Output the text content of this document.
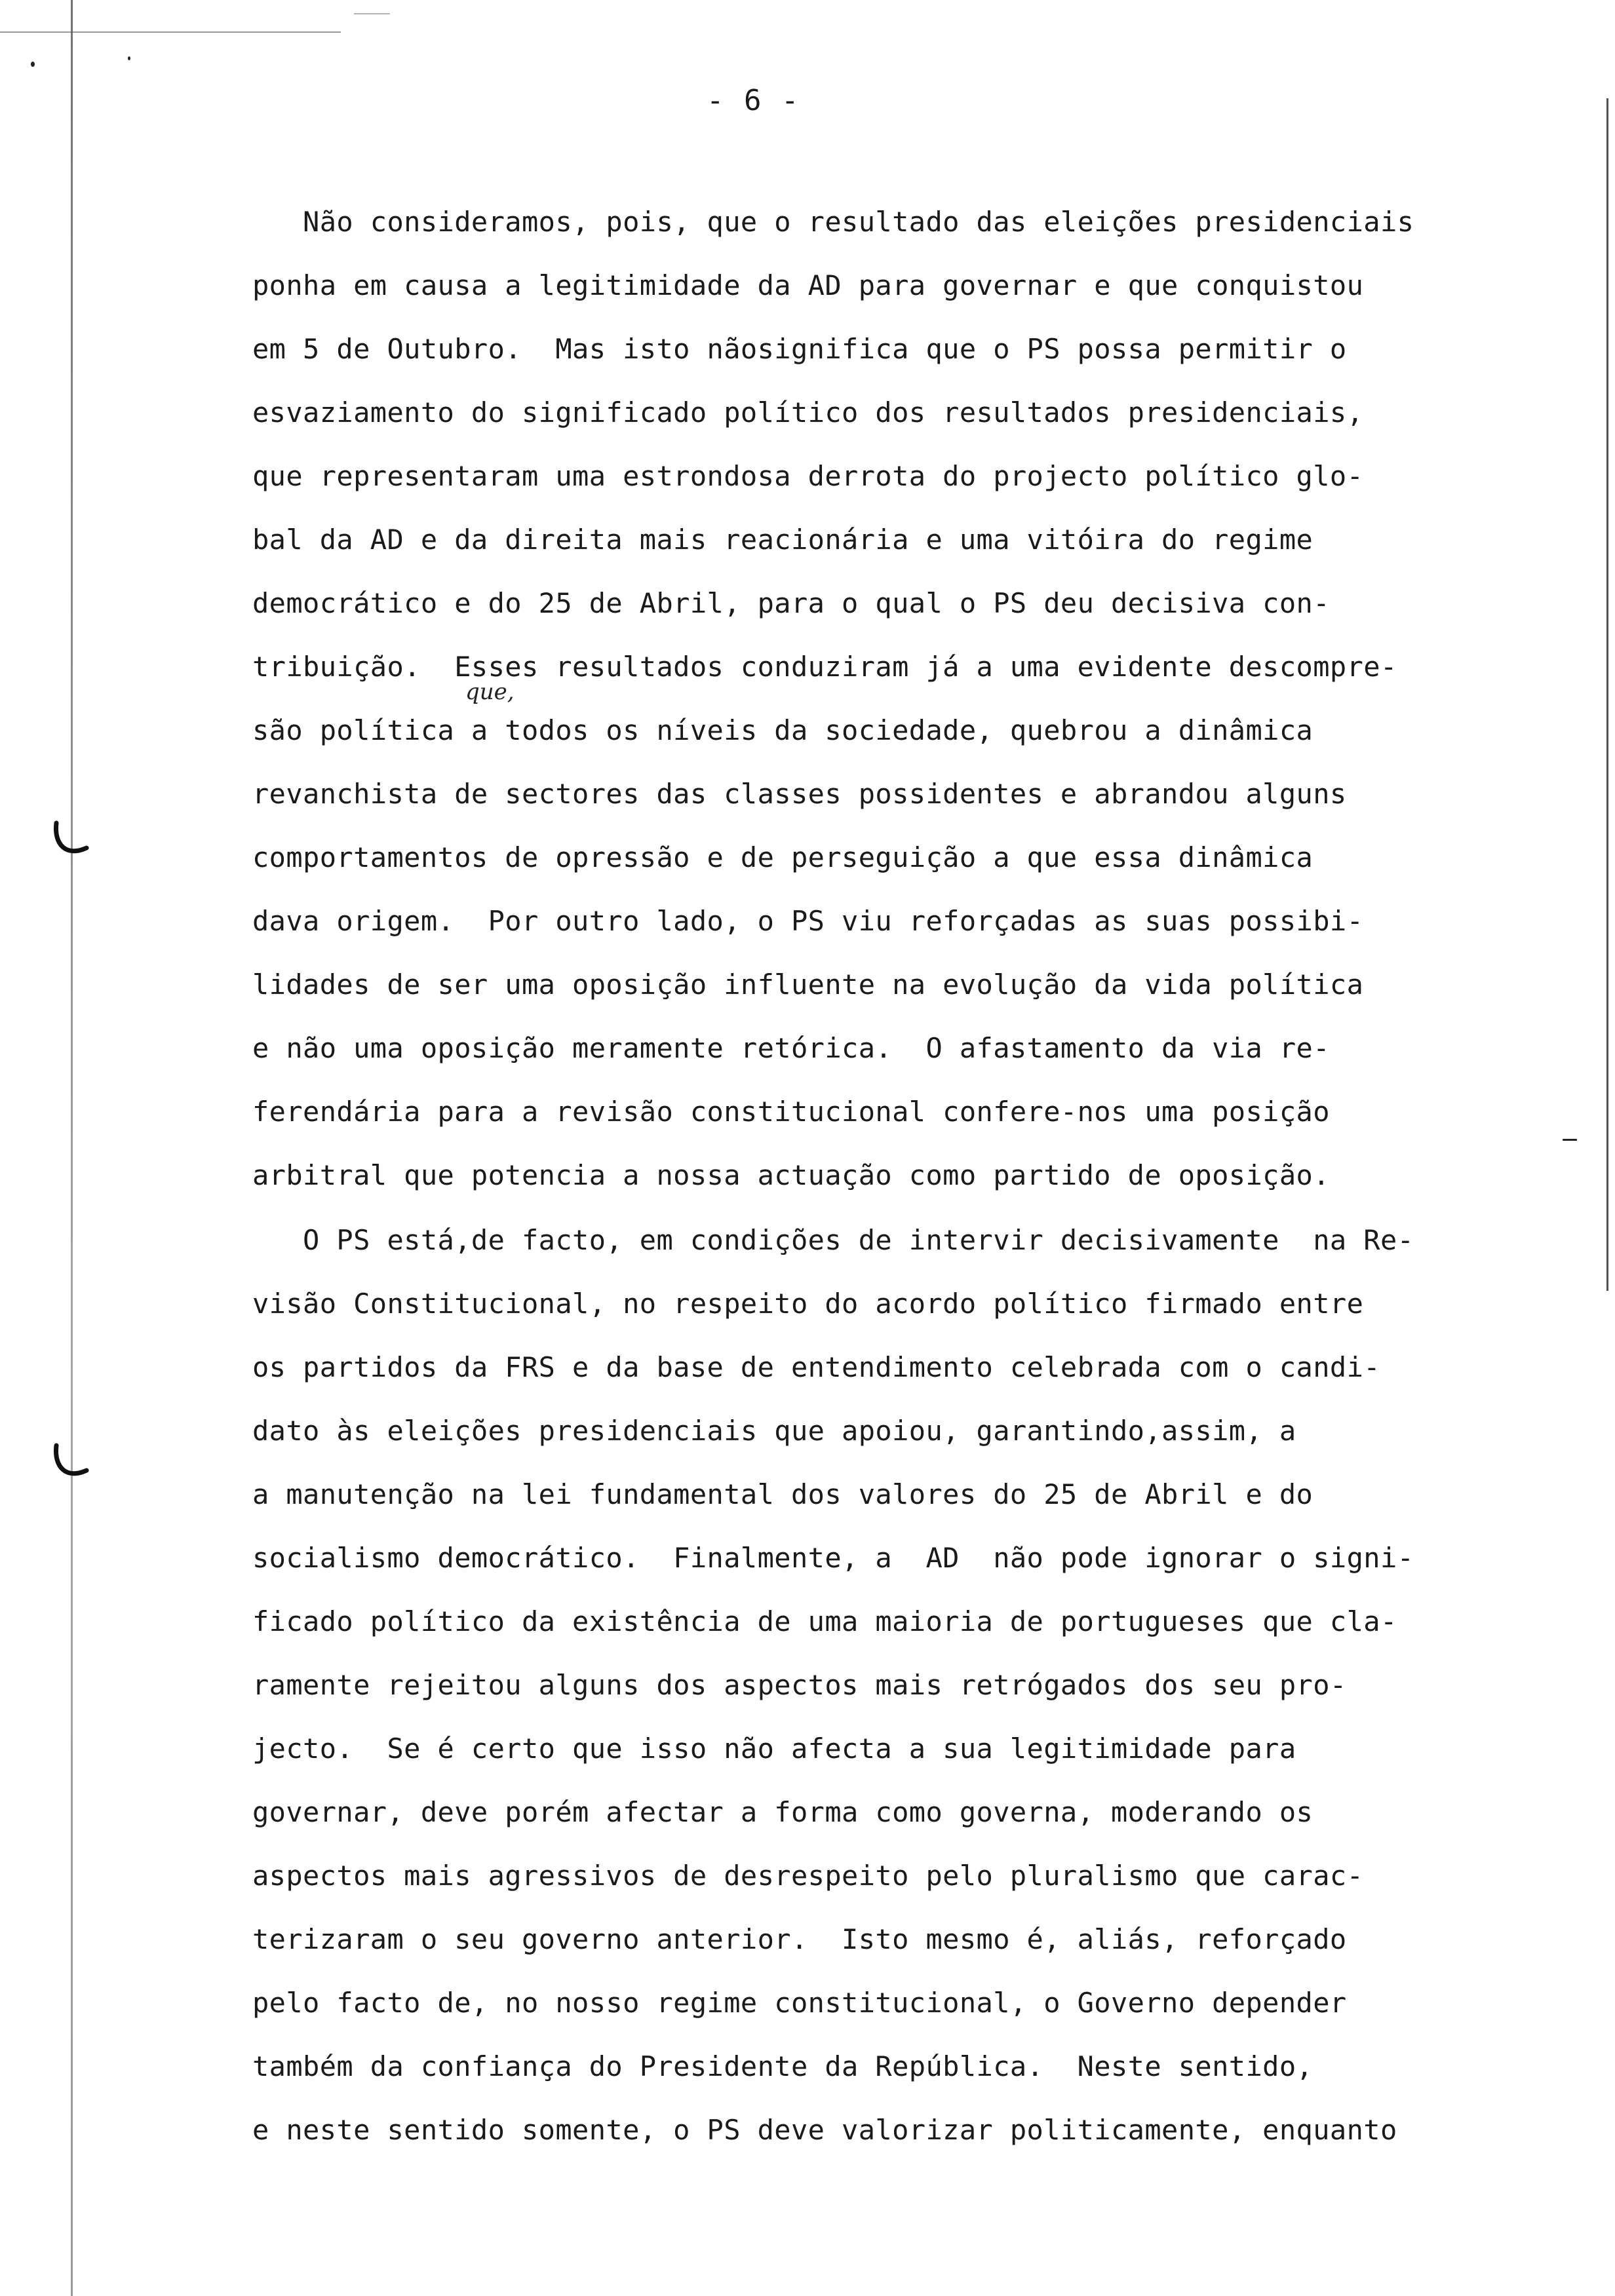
- 6 -
que,
Não consideramos, pois, que o resultado das eleições presidenciais
ponha em causa a legitimidade da AD para governar e que conquistou
em 5 de Outubro.  Mas isto nãosignifica que o PS possa permitir o
esvaziamento do significado político dos resultados presidenciais,
que representaram uma estrondosa derrota do projecto político glo-
bal da AD e da direita mais reacionária e uma vitóira do regime
democrático e do 25 de Abril, para o qual o PS deu decisiva con-
tribuição.  Esses resultados conduziram já a uma evidente descompre-
são política a todos os níveis da sociedade, quebrou a dinâmica
revanchista de sectores das classes possidentes e abrandou alguns
comportamentos de opressão e de perseguição a que essa dinâmica
dava origem.  Por outro lado, o PS viu reforçadas as suas possibi-
lidades de ser uma oposição influente na evolução da vida política
e não uma oposição meramente retórica.  O afastamento da via re-
ferendária para a revisão constitucional confere-nos uma posição
arbitral que potencia a nossa actuação como partido de oposição.
O PS está,de facto, em condições de intervir decisivamente  na Re-
visão Constitucional, no respeito do acordo político firmado entre
os partidos da FRS e da base de entendimento celebrada com o candi-
dato às eleições presidenciais que apoiou, garantindo,assim, a
a manutenção na lei fundamental dos valores do 25 de Abril e do
socialismo democrático.  Finalmente, a  AD  não pode ignorar o signi-
ficado político da existência de uma maioria de portugueses que cla-
ramente rejeitou alguns dos aspectos mais retrógados dos seu pro-
jecto.  Se é certo que isso não afecta a sua legitimidade para
governar, deve porém afectar a forma como governa, moderando os
aspectos mais agressivos de desrespeito pelo pluralismo que carac-
terizaram o seu governo anterior.  Isto mesmo é, aliás, reforçado
pelo facto de, no nosso regime constitucional, o Governo depender
também da confiança do Presidente da República.  Neste sentido,
e neste sentido somente, o PS deve valorizar politicamente, enquanto
